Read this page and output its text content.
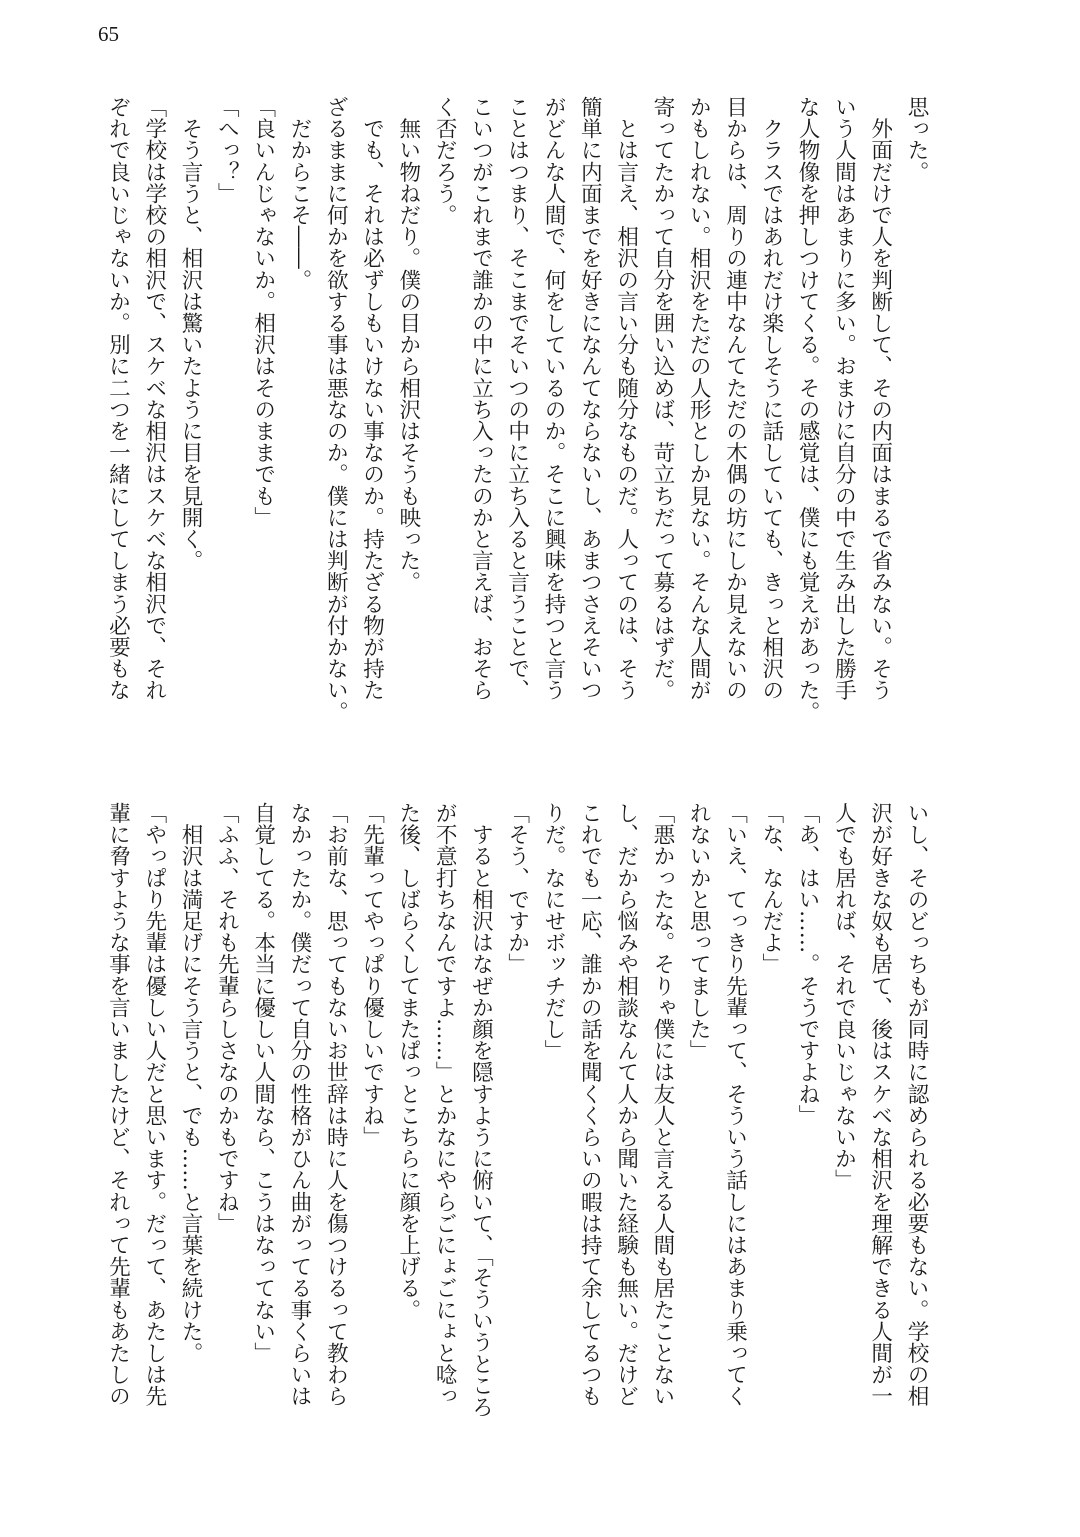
65
思った。
　外面だけで人を判断して、その内面はまるで省みない。そう
いう人間はあまりに多い。おまけに自分の中で生み出した勝手
な人物像を押しつけてくる。その感覚は、僕にも覚えがあった。
　クラスではあれだけ楽しそうに話していても、きっと相沢の
目からは、周りの連中なんてただの木偶の坊にしか見えないの
かもしれない。相沢をただの人形としか見ない。そんな人間が
寄ってたかって自分を囲い込めば、苛立ちだって募るはずだ。
　とは言え、相沢の言い分も随分なものだ。人ってのは、そう
簡単に内面までを好きになんてならないし、あまつさえそいつ
がどんな人間で、何をしているのか。そこに興味を持つと言う
ことはつまり、そこまでそいつの中に立ち入ると言うことで、
こいつがこれまで誰かの中に立ち入ったのかと言えば、おそら
く否だろう。
　無い物ねだり。僕の目から相沢はそうも映った。
　でも、それは必ずしもいけない事なのか。持たざる物が持た
ざるままに何かを欲する事は悪なのか。僕には判断が付かない。
　だからこそ――。
「良いんじゃないか。相沢はそのままでも」
「へっ？」
　そう言うと、相沢は驚いたように目を見開く。
「学校は学校の相沢で、スケベな相沢はスケベな相沢で、それ
ぞれで良いじゃないか。別に二つを一緒にしてしまう必要もな
いし、そのどっちもが同時に認められる必要もない。学校の相
沢が好きな奴も居て、後はスケベな相沢を理解できる人間が一
人でも居れば、それで良いじゃないか」
「あ、はい……。そうですよね」
「な、なんだよ」
「いえ、てっきり先輩って、そういう話しにはあまり乗ってく
れないかと思ってました」
「悪かったな。そりゃ僕には友人と言える人間も居たことない
し、だから悩みや相談なんて人から聞いた経験も無い。だけど
これでも一応、誰かの話を聞くくらいの暇は持て余してるつも
りだ。なにせボッチだし」
「そう、ですか」
　すると相沢はなぜか顔を隠すように俯いて、「そういうところ
が不意打ちなんですよ……」とかなにやらごにょごにょと唸っ
た後、しばらくしてまたぱっとこちらに顔を上げる。
「先輩ってやっぱり優しいですね」
「お前な、思ってもないお世辞は時に人を傷つけるって教わら
なかったか。僕だって自分の性格がひん曲がってる事くらいは
自覚してる。本当に優しい人間なら、こうはなってない」
「ふふ、それも先輩らしさなのかもですね」
　相沢は満足げにそう言うと、でも……と言葉を続けた。
「やっぱり先輩は優しい人だと思います。だって、あたしは先
輩に脅すような事を言いましたけど、それって先輩もあたしの
